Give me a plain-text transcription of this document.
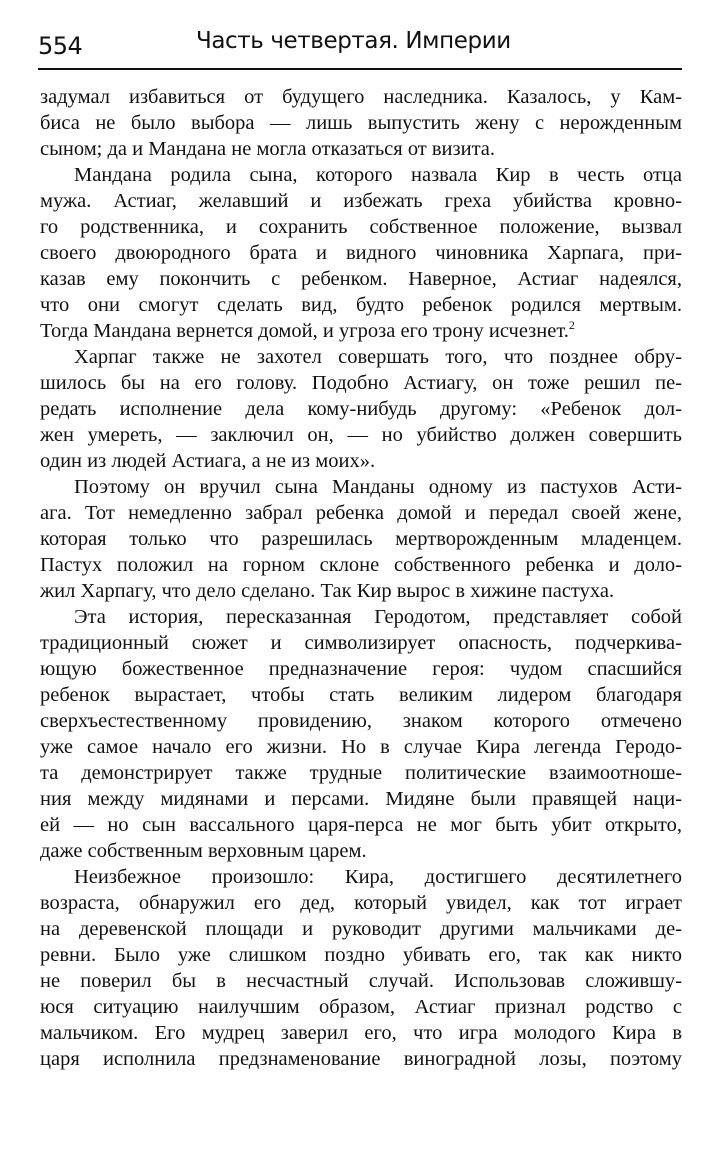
554	Часть четвертая. Империи
задумал избавиться от будущего наследника. Казалось, у Кам-
биса не было выбора — лишь выпустить жену с нерожденным
сыном; да и Мандана не могла отказаться от визита.
Мандана родила сына, которого назвала Кир в честь отца
мужа. Астиаг, желавший и избежать греха убийства кровно-
го родственника, и сохранить собственное положение, вызвал
своего двоюродного брата и видного чиновника Харпага, при-
казав ему покончить с ребенком. Наверное, Астиаг надеялся,
что они смогут сделать вид, будто ребенок родился мертвым.
Тогда Мандана вернется домой, и угроза его трону исчезнет.$^2$
Харпаг также не захотел совершать того, что позднее обру-
шилось бы на его голову. Подобно Астиагу, он тоже решил пе-
редать исполнение дела кому-нибудь другому: «Ребенок дол-
жен умереть, — заключил он, — но убийство должен совершить
один из людей Астиага, а не из моих».
Поэтому он вручил сына Манданы одному из пастухов Асти-
ага. Тот немедленно забрал ребенка домой и передал своей жене,
которая только что разрешилась мертворожденным младенцем.
Пастух положил на горном склоне собственного ребенка и доло-
жил Харпагу, что дело сделано. Так Кир вырос в хижине пастуха.
Эта история, пересказанная Геродотом, представляет собой
традиционный сюжет и символизирует опасность, подчеркива-
ющую божественное предназначение героя: чудом спасшийся
ребенок вырастает, чтобы стать великим лидером благодаря
сверхъестественному провидению, знаком которого отмечено
уже самое начало его жизни. Но в случае Кира легенда Геродо-
та демонстрирует также трудные политические взаимоотноше-
ния между мидянами и персами. Мидяне были правящей наци-
ей — но сын вассального царя-перса не мог быть убит открыто,
даже собственным верховным царем.
Неизбежное произошло: Кира, достигшего десятилетнего
возраста, обнаружил его дед, который увидел, как тот играет
на деревенской площади и руководит другими мальчиками де-
ревни. Было уже слишком поздно убивать его, так как никто
не поверил бы в несчастный случай. Использовав сложившу-
юся ситуацию наилучшим образом, Астиаг признал родство с
мальчиком. Его мудрец заверил его, что игра молодого Кира в
царя исполнила предзнаменование виноградной лозы, поэтому
